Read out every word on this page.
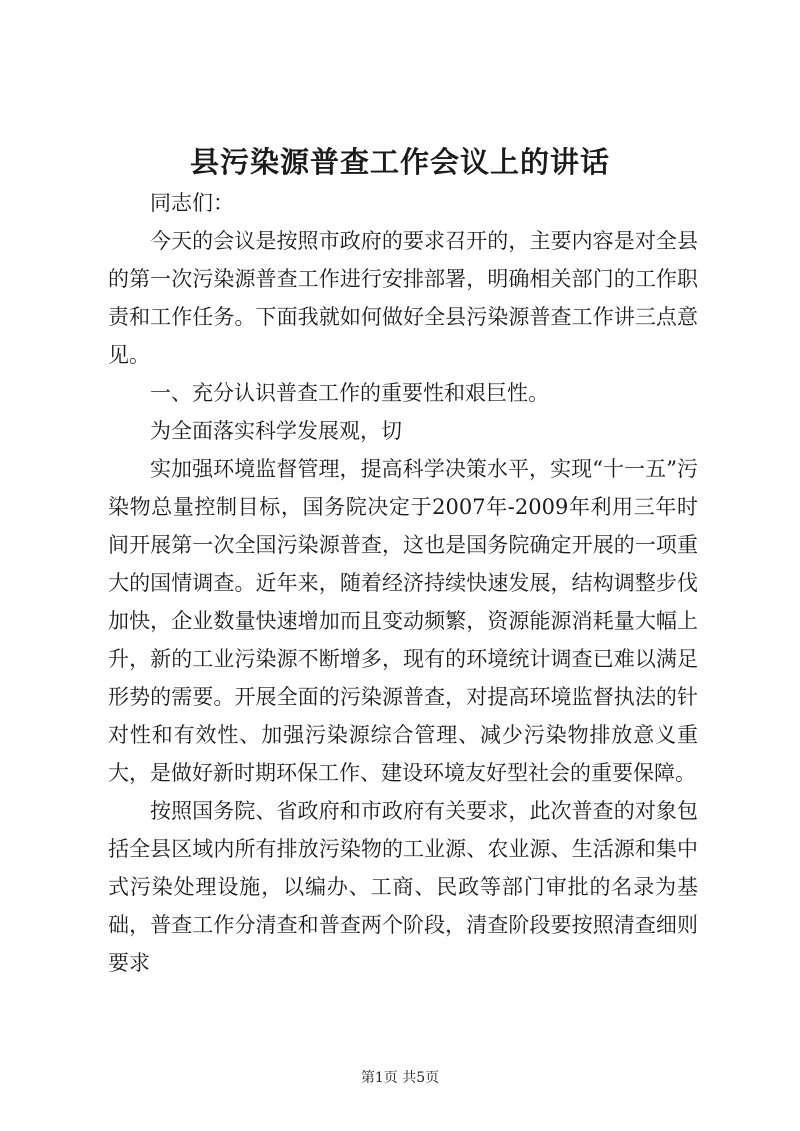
县污染源普查工作会议上的讲话

同志们：

今天的会议是按照市政府的要求召开的，主要内容是对全县的第一次污染源普查工作进行安排部署，明确相关部门的工作职责和工作任务。下面我就如何做好全县污染源普查工作讲三点意见。

一、充分认识普查工作的重要性和艰巨性。

为全面落实科学发展观，切

实加强环境监督管理，提高科学决策水平，实现“十一五”污染物总量控制目标，国务院决定于2007年-2009年利用三年时间开展第一次全国污染源普查，这也是国务院确定开展的一项重大的国情调查。近年来，随着经济持续快速发展，结构调整步伐加快，企业数量快速增加而且变动频繁，资源能源消耗量大幅上升，新的工业污染源不断增多，现有的环境统计调查已难以满足形势的需要。开展全面的污染源普查，对提高环境监督执法的针对性和有效性、加强污染源综合管理、减少污染物排放意义重大，是做好新时期环保工作、建设环境友好型社会的重要保障。

按照国务院、省政府和市政府有关要求，此次普查的对象包括全县区域内所有排放污染物的工业源、农业源、生活源和集中式污染处理设施，以编办、工商、民政等部门审批的名录为基础，普查工作分清查和普查两个阶段，清查阶段要按照清查细则要求

第1页 共5页
